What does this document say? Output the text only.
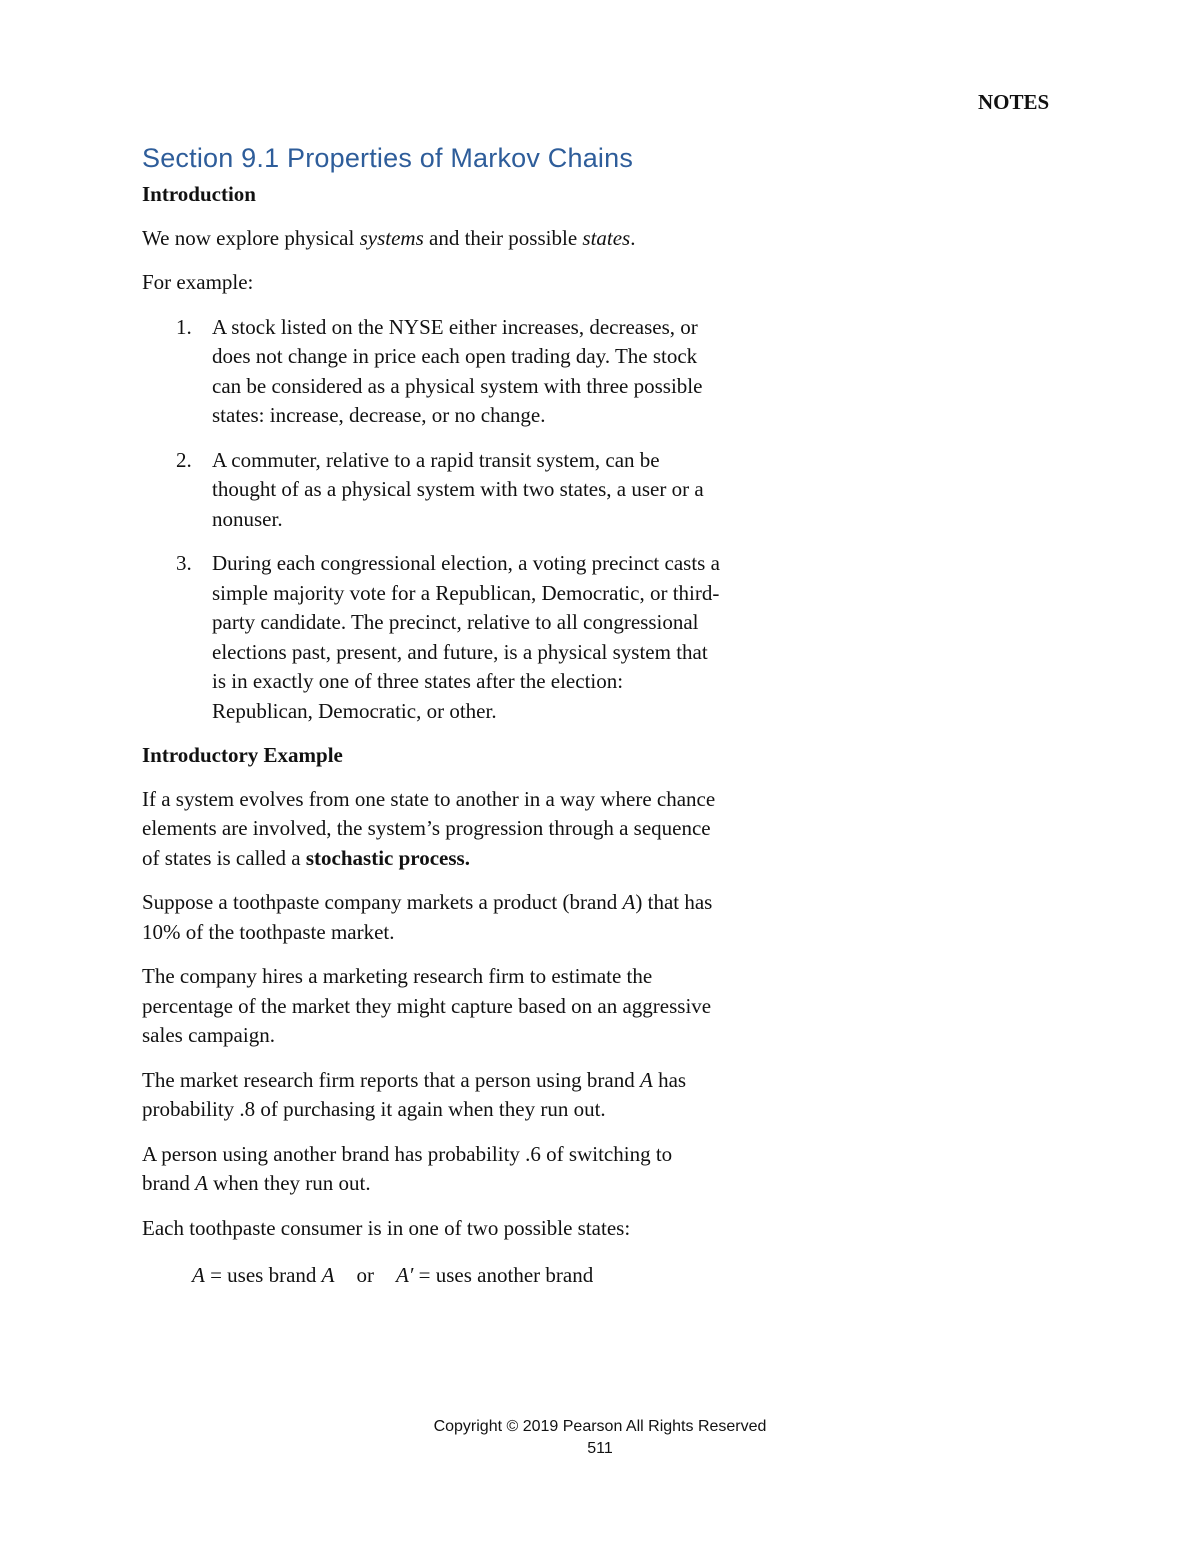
NOTES
Section 9.1 Properties of Markov Chains
Introduction

We now explore physical systems and their possible states.

For example:

1. A stock listed on the NYSE either increases, decreases, or does not change in price each open trading day. The stock can be considered as a physical system with three possible states: increase, decrease, or no change.
2. A commuter, relative to a rapid transit system, can be thought of as a physical system with two states, a user or a nonuser.
3. During each congressional election, a voting precinct casts a simple majority vote for a Republican, Democratic, or third-party candidate. The precinct, relative to all congressional elections past, present, and future, is a physical system that is in exactly one of three states after the election: Republican, Democratic, or other.
Introductory Example

If a system evolves from one state to another in a way where chance elements are involved, the system’s progression through a sequence of states is called a stochastic process.

Suppose a toothpaste company markets a product (brand A) that has 10% of the toothpaste market.

The company hires a marketing research firm to estimate the percentage of the market they might capture based on an aggressive sales campaign.

The market research firm reports that a person using brand A has probability .8 of purchasing it again when they run out.

A person using another brand has probability .6 of switching to brand A when they run out.

Each toothpaste consumer is in one of two possible states:

A = uses brand A or A′ = uses another brand
Copyright © 2019 Pearson All Rights Reserved
511
